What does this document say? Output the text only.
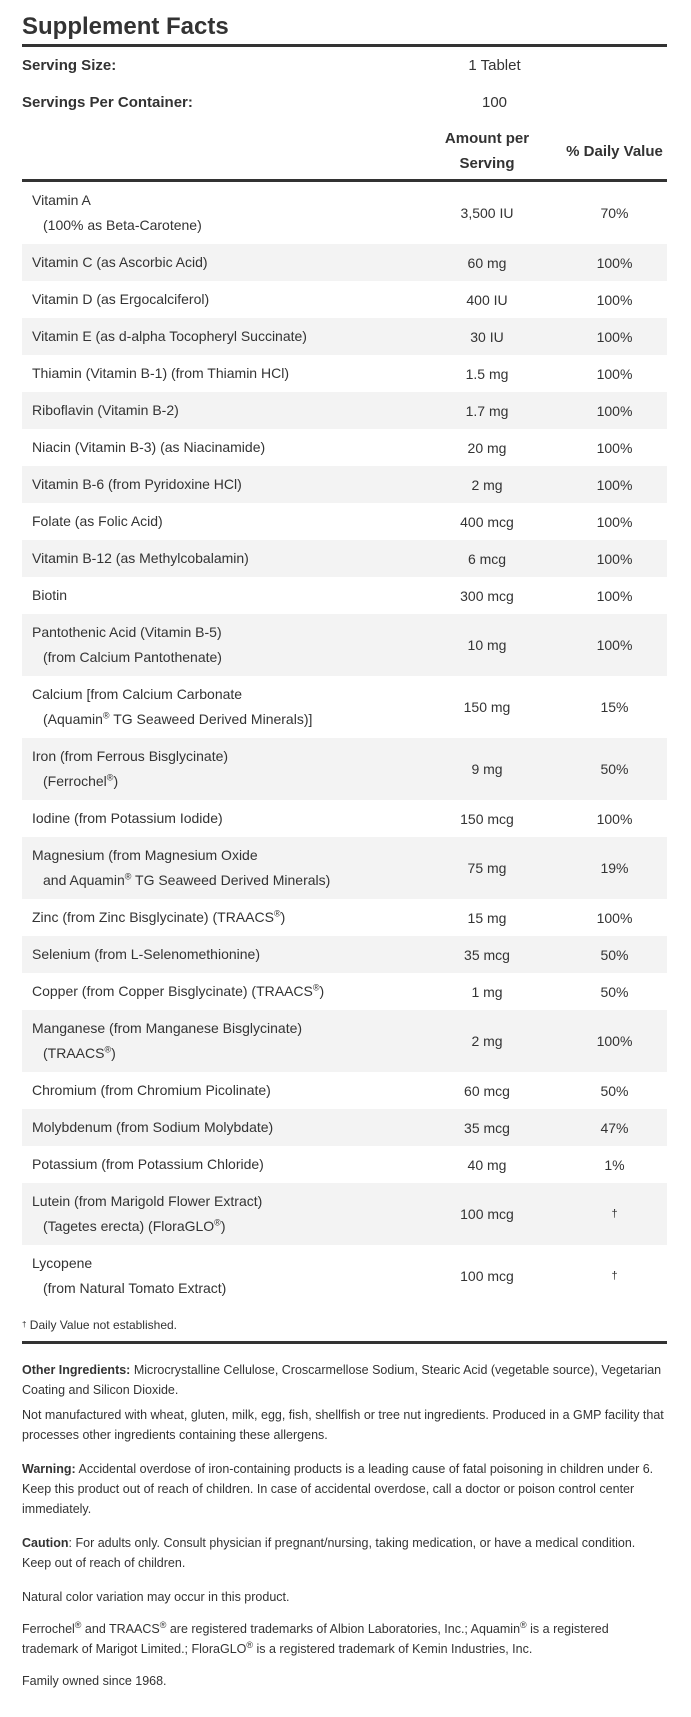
Supplement Facts
Serving Size:	1 Tablet
Servings Per Container:	100
Amount per
Serving
% Daily Value
Vitamin A
(100% as Beta-Carotene)
3,500 IU	70%
Vitamin C (as Ascorbic Acid)	60 mg	100%
Vitamin D (as Ergocalciferol)	400 IU	100%
Vitamin E (as d-alpha Tocopheryl Succinate)	30 IU	100%
Thiamin (Vitamin B-1) (from Thiamin HCl)	1.5 mg	100%
Riboflavin (Vitamin B-2)	1.7 mg	100%
Niacin (Vitamin B-3) (as Niacinamide)	20 mg	100%
Vitamin B-6 (from Pyridoxine HCl)	2 mg	100%
Folate (as Folic Acid)	400 mcg	100%
Vitamin B-12 (as Methylcobalamin)	6 mcg	100%
Biotin	300 mcg	100%
Pantothenic Acid (Vitamin B-5)
(from Calcium Pantothenate)
10 mg	100%
Calcium [from Calcium Carbonate
(Aquamin® TG Seaweed Derived Minerals)]
150 mg	15%
Iron (from Ferrous Bisglycinate)
(Ferrochel®)
9 mg	50%
Iodine (from Potassium Iodide)	150 mcg	100%
Magnesium (from Magnesium Oxide
and Aquamin® TG Seaweed Derived Minerals)
75 mg	19%
Zinc (from Zinc Bisglycinate) (TRAACS®)	15 mg	100%
Selenium (from L-Selenomethionine)	35 mcg	50%
Copper (from Copper Bisglycinate) (TRAACS®)	1 mg	50%
Manganese (from Manganese Bisglycinate)
(TRAACS®)
2 mg	100%
Chromium (from Chromium Picolinate)	60 mcg	50%
Molybdenum (from Sodium Molybdate)	35 mcg	47%
Potassium (from Potassium Chloride)	40 mg	1%
Lutein (from Marigold Flower Extract)
(Tagetes erecta) (FloraGLO®)
100 mcg	†
Lycopene
(from Natural Tomato Extract)
100 mcg	†
†
Daily Value not established.

Other Ingredients: Microcrystalline Cellulose, Croscarmellose Sodium, Stearic Acid (vegetable source), Vegetarian Coating and Silicon Dioxide.

Not manufactured with wheat, gluten, milk, egg, fish, shellfish or tree nut ingredients. Produced in a GMP facility that processes other ingredients containing these allergens.

Warning: Accidental overdose of iron-containing products is a leading cause of fatal poisoning in children under 6. Keep this product out of reach of children. In case of accidental overdose, call a doctor or poison control center immediately.

Caution: For adults only. Consult physician if pregnant/nursing, taking medication, or have a medical condition. Keep out of reach of children.

Natural color variation may occur in this product.

Ferrochel® and TRAACS® are registered trademarks of Albion Laboratories, Inc.; Aquamin® is a registered trademark of Marigot Limited.; FloraGLO® is a registered trademark of Kemin Industries, Inc.

Family owned since 1968.
